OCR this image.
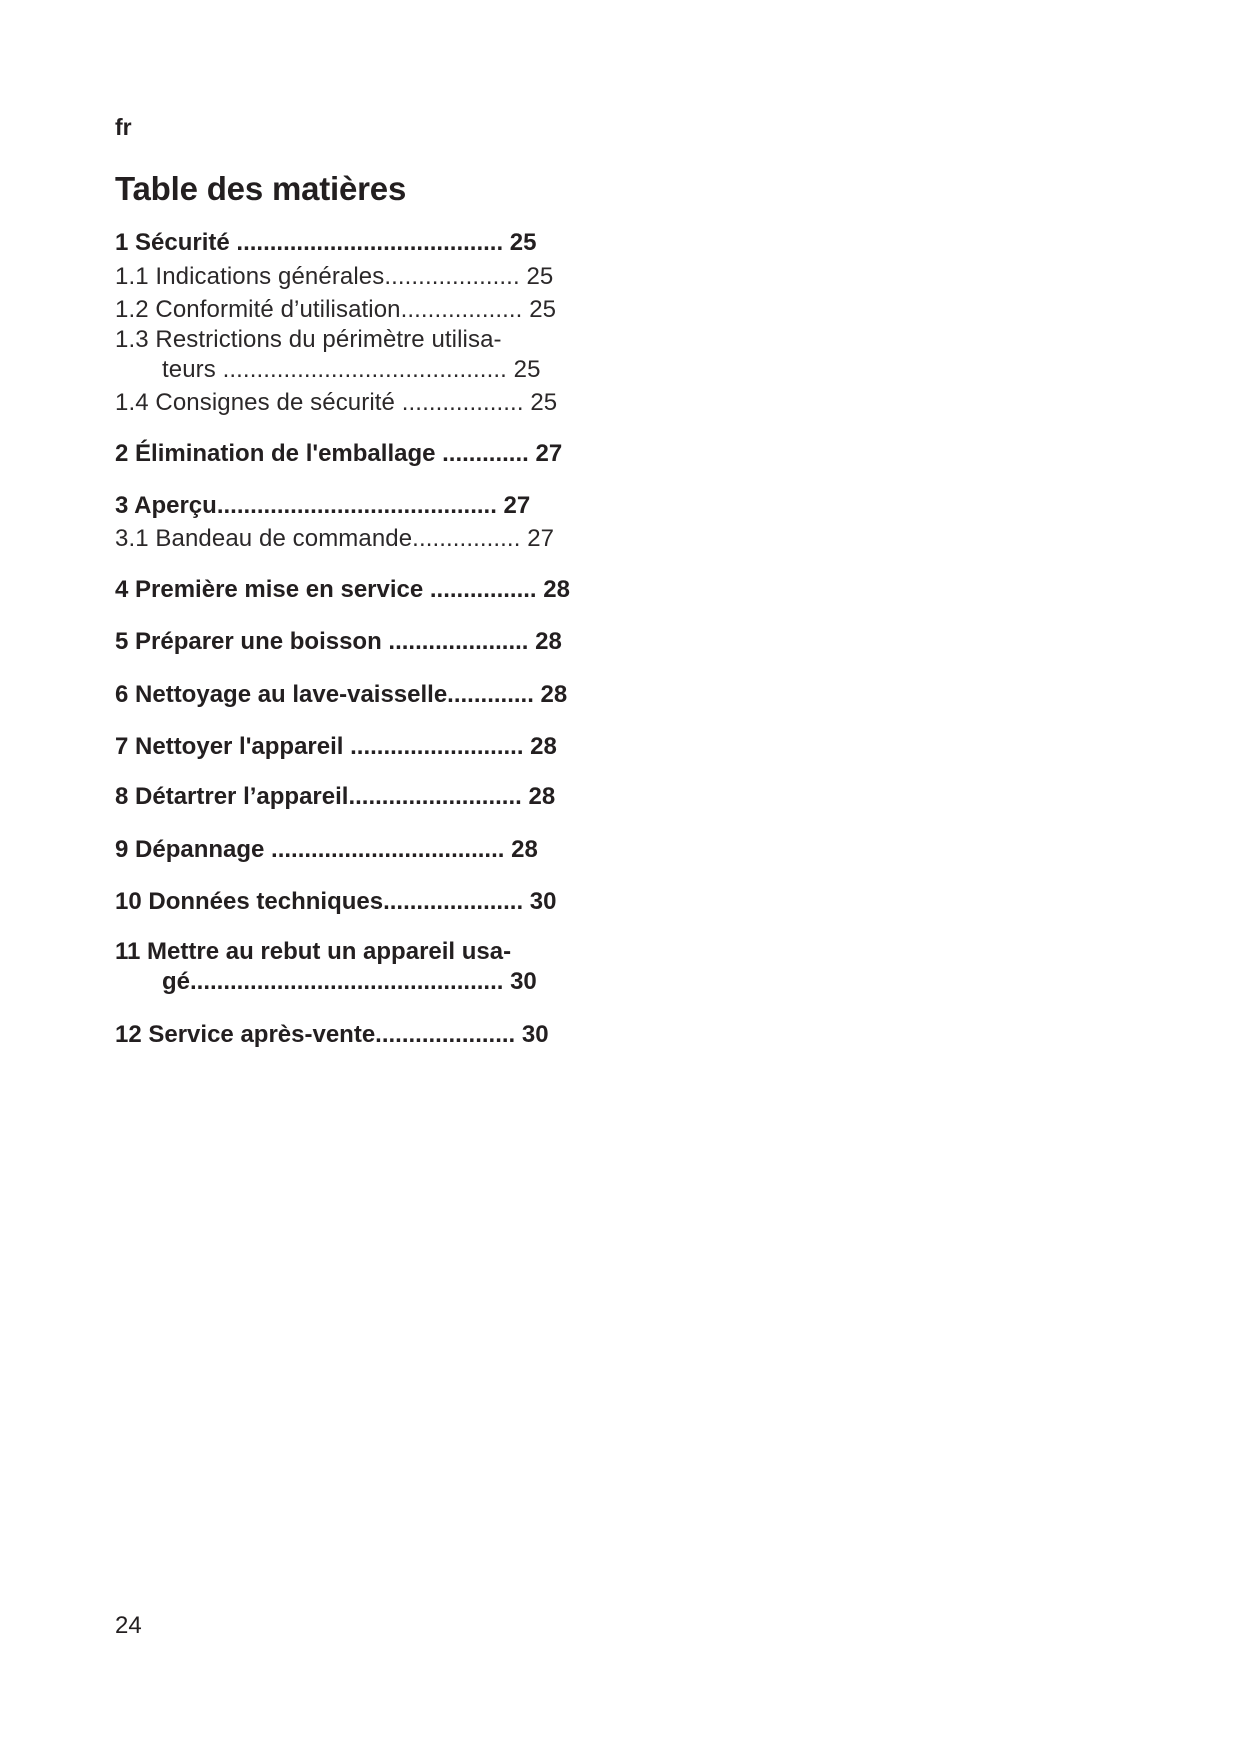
fr
Table des matières
1 Sécurité ........................................ 25
1.1 Indications générales.................... 25
1.2 Conformité d’utilisation.................. 25
1.3 Restrictions du périmètre utilisa-
teurs .......................................... 25
1.4 Consignes de sécurité .................. 25
2 Élimination de l'emballage ............. 27
3 Aperçu.......................................... 27
3.1 Bandeau de commande................ 27
4 Première mise en service ................ 28
5 Préparer une boisson ..................... 28
6 Nettoyage au lave-vaisselle............. 28
7 Nettoyer l'appareil .......................... 28
8 Détartrer l’appareil.......................... 28
9 Dépannage ................................... 28
10 Données techniques..................... 30
11 Mettre au rebut un appareil usa-
gé............................................... 30
12 Service après-vente..................... 30
24
